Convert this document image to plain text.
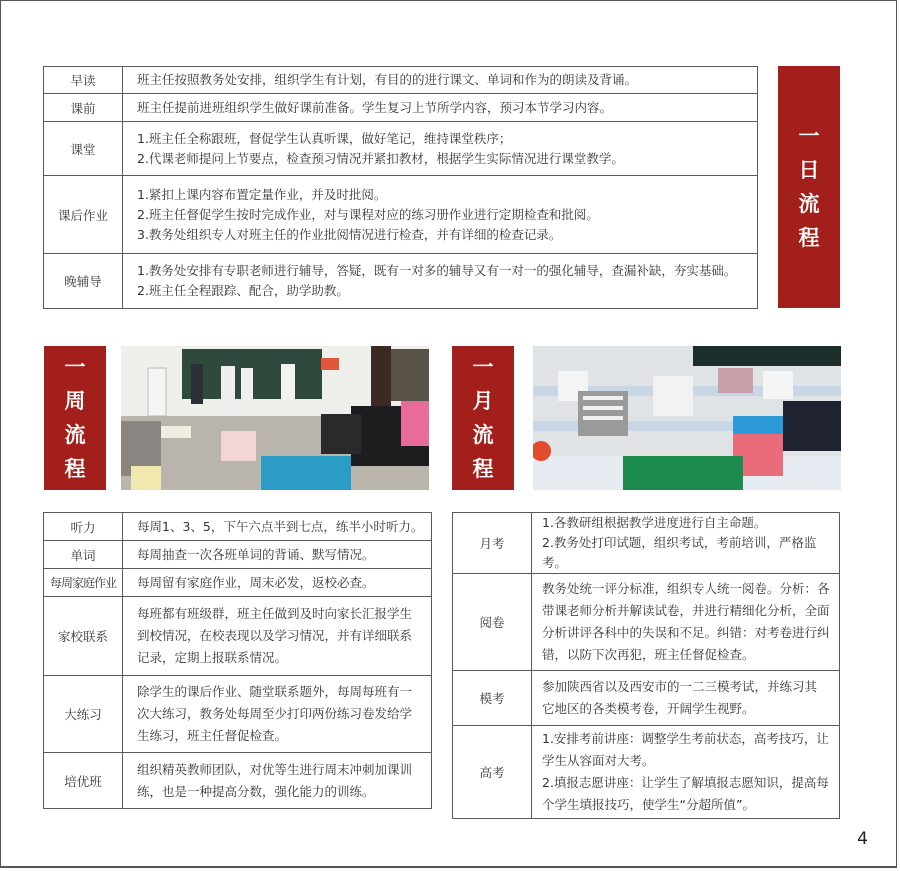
早读	班主任按照教务处安排，组织学生有计划，有目的的进行课文、单词和作为的朗读及背诵。

课前	班主任提前进班组织学生做好课前准备。学生复习上节所学内容，预习本节学习内容。

课堂	1.班主任全称跟班，督促学生认真听课，做好笔记，维持课堂秩序；
2.代课老师提问上节要点，检查预习情况并紧扣教材，根据学生实际情况进行课堂教学。

课后作业	1.紧扣上课内容布置定量作业，并及时批阅。
2.班主任督促学生按时完成作业，对与课程对应的练习册作业进行定期检查和批阅。
3.教务处组织专人对班主任的作业批阅情况进行检查，并有详细的检查记录。

晚辅导	1.教务处安排有专职老师进行辅导，答疑，既有一对多的辅导又有一对一的强化辅导，查漏补缺，夯实基础。
2.班主任全程跟踪、配合，助学助教。
一
日
流
程
一
周
流
程
一
月
流
程
听力	每周1、3、5，下午六点半到七点，练半小时听力。

单词	每周抽查一次各班单词的背诵、默写情况。

每周家庭作业	每周留有家庭作业，周末必发，返校必查。

家校联系	每班都有班级群，班主任做到及时向家长汇报学生
到校情况，在校表现以及学习情况，并有详细联系
记录，定期上报联系情况。

大练习	除学生的课后作业、随堂联系题外，每周每班有一
次大练习，教务处每周至少打印两份练习卷发给学
生练习，班主任督促检查。

培优班	组织精英教师团队，对优等生进行周末冲刺加课训
练，也是一种提高分数，强化能力的训练。
月考	1.各教研组根据教学进度进行自主命题。
2.教务处打印试题，组织考试，考前培训，严格监考。

阅卷	教务处统一评分标准，组织专人统一阅卷。分析：各
带课老师分析并解读试卷，并进行精细化分析，全面
分析讲评各科中的失误和不足。纠错：对考卷进行纠
错，以防下次再犯，班主任督促检查。

模考	参加陕西省以及西安市的一二三模考试，并练习其
它地区的各类模考卷，开阔学生视野。

高考	1.安排考前讲座：调整学生考前状态，高考技巧，让
学生从容面对大考。
2.填报志愿讲座：让学生了解填报志愿知识，提高每
个学生填报技巧，使学生“分超所值”。
4
